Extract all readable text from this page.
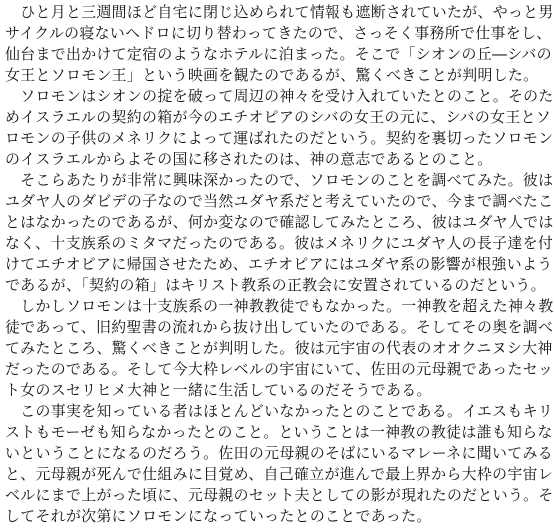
　ひと月と三週間ほど自宅に閉じ込められて情報も遮断されていたが、やっと男
サイクルの寝ないヘドロに切り替わってきたので、さっそく事務所で仕事をし、
仙台まで出かけて定宿のようなホテルに泊まった。そこで「シオンの丘―シバの
女王とソロモン王」という映画を観たのであるが、驚くべきことが判明した。
　ソロモンはシオンの掟を破って周辺の神々を受け入れていたとのこと。そのた
めイスラエルの契約の箱が今のエチオピアのシバの女王の元に、シバの女王とソ
ロモンの子供のメネリクによって運ばれたのだという。契約を裏切ったソロモン
のイスラエルからよその国に移されたのは、神の意志であるとのこと。
　そこらあたりが非常に興味深かったので、ソロモンのことを調べてみた。彼は
ユダヤ人のダビデの子なので当然ユダヤ系だと考えていたので、今まで調べたこ
とはなかったのであるが、何か変なので確認してみたところ、彼はユダヤ人では
なく、十支族系のミタマだったのである。彼はメネリクにユダヤ人の長子達を付
けてエチオピアに帰国させたため、エチオピアにはユダヤ系の影響が根強いよう
であるが、「契約の箱」はキリスト教系の正教会に安置されているのだという。
　しかしソロモンは十支族系の一神教教徒でもなかった。一神教を超えた神々教
徒であって、旧約聖書の流れから抜け出していたのである。そしてその奥を調べ
てみたところ、驚くべきことが判明した。彼は元宇宙の代表のオオクニヌシ大神
だったのである。そして今大枠レベルの宇宙にいて、佐田の元母親であったセッ
ト女のスセリヒメ大神と一緒に生活しているのだそうである。
　この事実を知っている者はほとんどいなかったとのことである。イエスもキリ
ストもモーゼも知らなかったとのこと。ということは一神教の教徒は誰も知らな
いということになるのだろう。佐田の元母親のそばにいるマレーネに聞いてみる
と、元母親が死んで仕組みに目覚め、自己確立が進んで最上界から大枠の宇宙レ
ベルにまで上がった頃に、元母親のセット夫としての影が現れたのだという。そ
してそれが次第にソロモンになっていったとのことであった。
